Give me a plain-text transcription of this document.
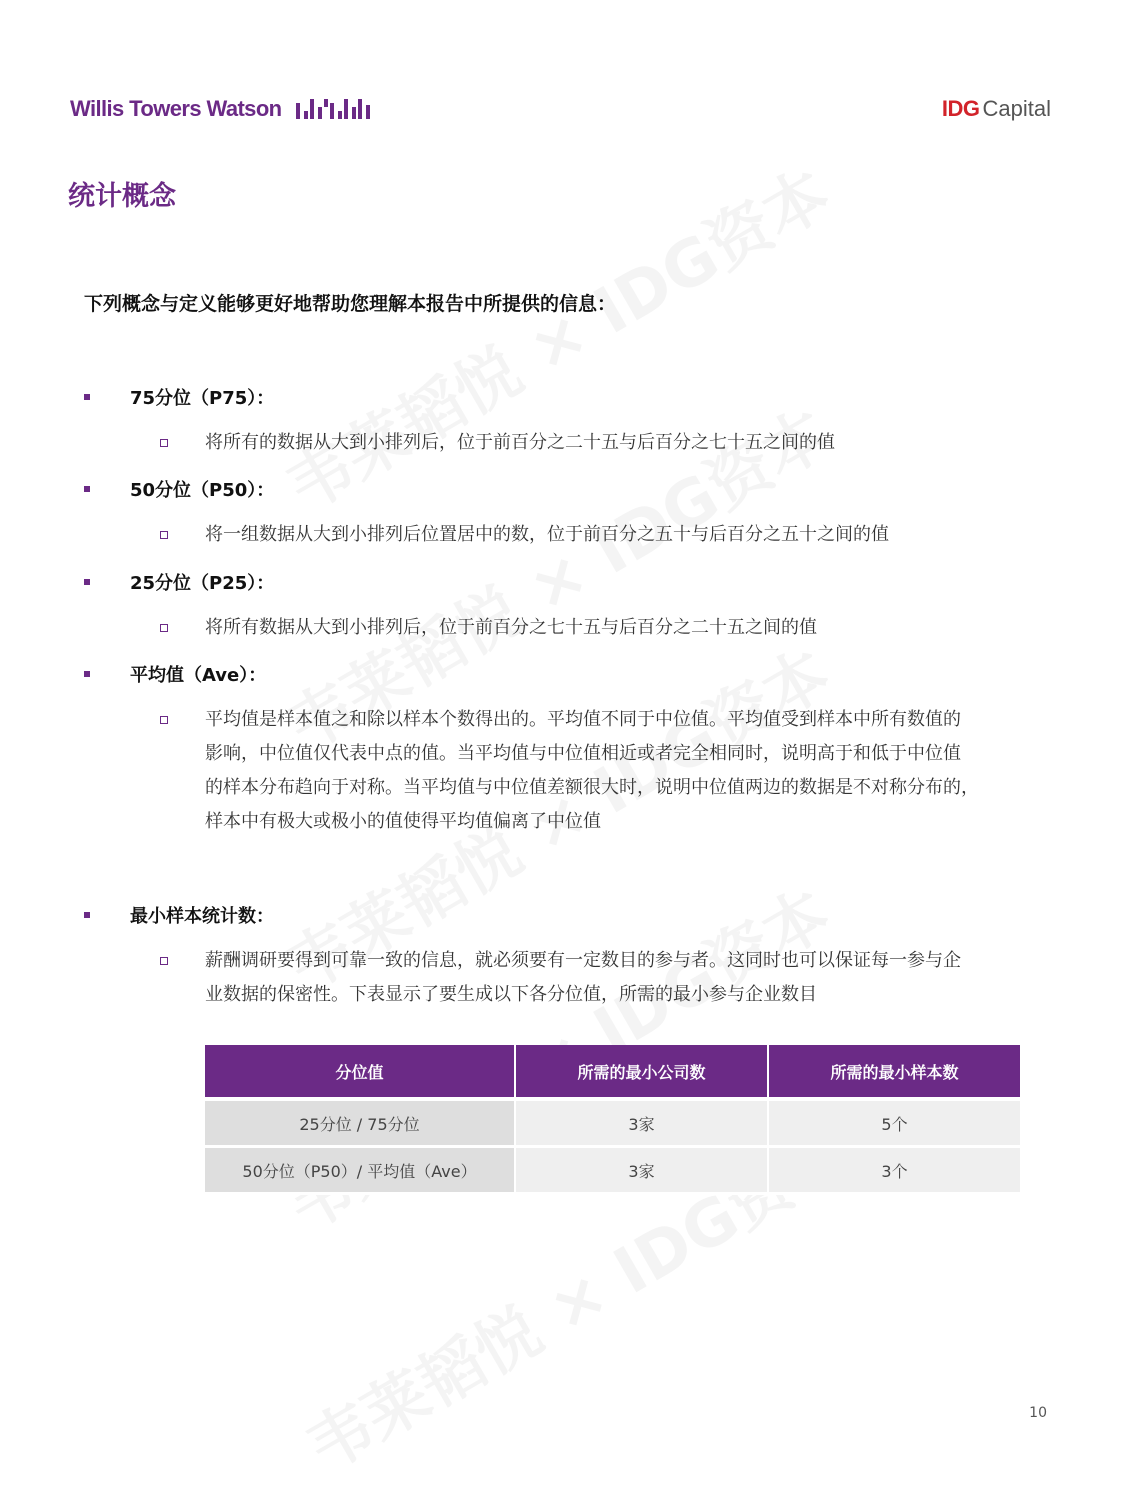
Willis Towers Watson	IDG Capital
统计概念
下列概念与定义能够更好地帮助您理解本报告中所提供的信息：
75分位（P75）：
将所有的数据从大到小排列后，位于前百分之二十五与后百分之七十五之间的值
50分位（P50）：
将一组数据从大到小排列后位置居中的数，位于前百分之五十与后百分之五十之间的值
25分位（P25）：
将所有数据从大到小排列后，位于前百分之七十五与后百分之二十五之间的值
平均值（Ave）：
平均值是样本值之和除以样本个数得出的。平均值不同于中位值。平均值受到样本中所有数值的
影响，中位值仅代表中点的值。当平均值与中位值相近或者完全相同时，说明高于和低于中位值
的样本分布趋向于对称。当平均值与中位值差额很大时，说明中位值两边的数据是不对称分布的，
样本中有极大或极小的值使得平均值偏离了中位值
最小样本统计数：
薪酬调研要得到可靠一致的信息，就必须要有一定数目的参与者。这同时也可以保证每一参与企
业数据的保密性。下表显示了要生成以下各分位值，所需的最小参与企业数目
分位值	所需的最小公司数	所需的最小样本数
25分位 / 75分位	3家	5个
50分位（P50）/ 平均值（Ave）	3家	3个
10
